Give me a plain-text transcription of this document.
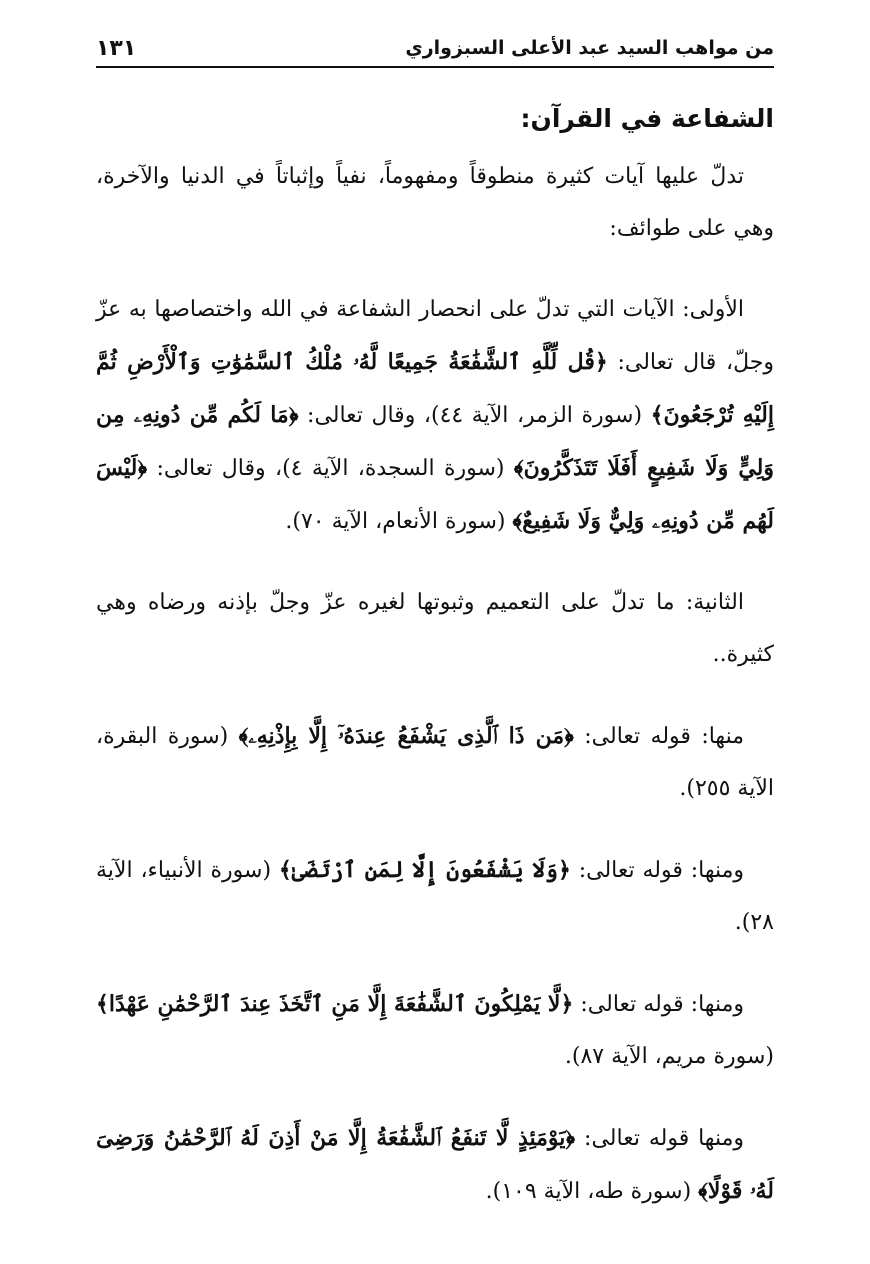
من مواهب السيد عبد الأعلى السبزواري
١٣١
الشفاعة في القرآن:

تدلّ عليها آيات كثيرة منطوقاً ومفهوماً، نفياً وإثباتاً في الدنيا والآخرة، وهي على طوائف:

الأولى: الآيات التي تدلّ على انحصار الشفاعة في الله واختصاصها به عزّ وجلّ، قال تعالى: ﴿قُل لِّلَّهِ ٱلشَّفَٰعَةُ جَمِيعًا لَّهُۥ مُلْكُ ٱلسَّمَٰوَٰتِ وَٱلْأَرْضِ ثُمَّ إِلَيْهِ تُرْجَعُونَ﴾ (سورة الزمر، الآية ٤٤)، وقال تعالى: ﴿مَا لَكُم مِّن دُونِهِۦ مِن وَلِيٍّ وَلَا شَفِيعٍ أَفَلَا تَتَذَكَّرُونَ﴾ (سورة السجدة، الآية ٤)، وقال تعالى: ﴿لَيْسَ لَهُم مِّن دُونِهِۦ وَلِيٌّ وَلَا شَفِيعٌ﴾ (سورة الأنعام، الآية ٧٠).

الثانية: ما تدلّ على التعميم وثبوتها لغيره عزّ وجلّ بإذنه ورضاه وهي كثيرة..

منها: قوله تعالى: ﴿مَن ذَا ٱلَّذِى يَشْفَعُ عِندَهُۥٓ إِلَّا بِإِذْنِهِۦ﴾ (سورة البقرة، الآية ٢٥٥).

ومنها: قوله تعالى: ﴿وَلَا يَشْفَعُونَ إِلَّا لِمَنِ ٱرْتَضَىٰ﴾ (سورة الأنبياء، الآية ٢٨).

ومنها: قوله تعالى: ﴿لَّا يَمْلِكُونَ ٱلشَّفَٰعَةَ إِلَّا مَنِ ٱتَّخَذَ عِندَ ٱلرَّحْمَٰنِ عَهْدًا﴾ (سورة مريم، الآية ٨٧).

ومنها قوله تعالى: ﴿يَوْمَئِذٍ لَّا تَنفَعُ ٱلشَّفَٰعَةُ إِلَّا مَنْ أَذِنَ لَهُ ٱلرَّحْمَٰنُ وَرَضِىَ لَهُۥ قَوْلًا﴾ (سورة طه، الآية ١٠٩).
